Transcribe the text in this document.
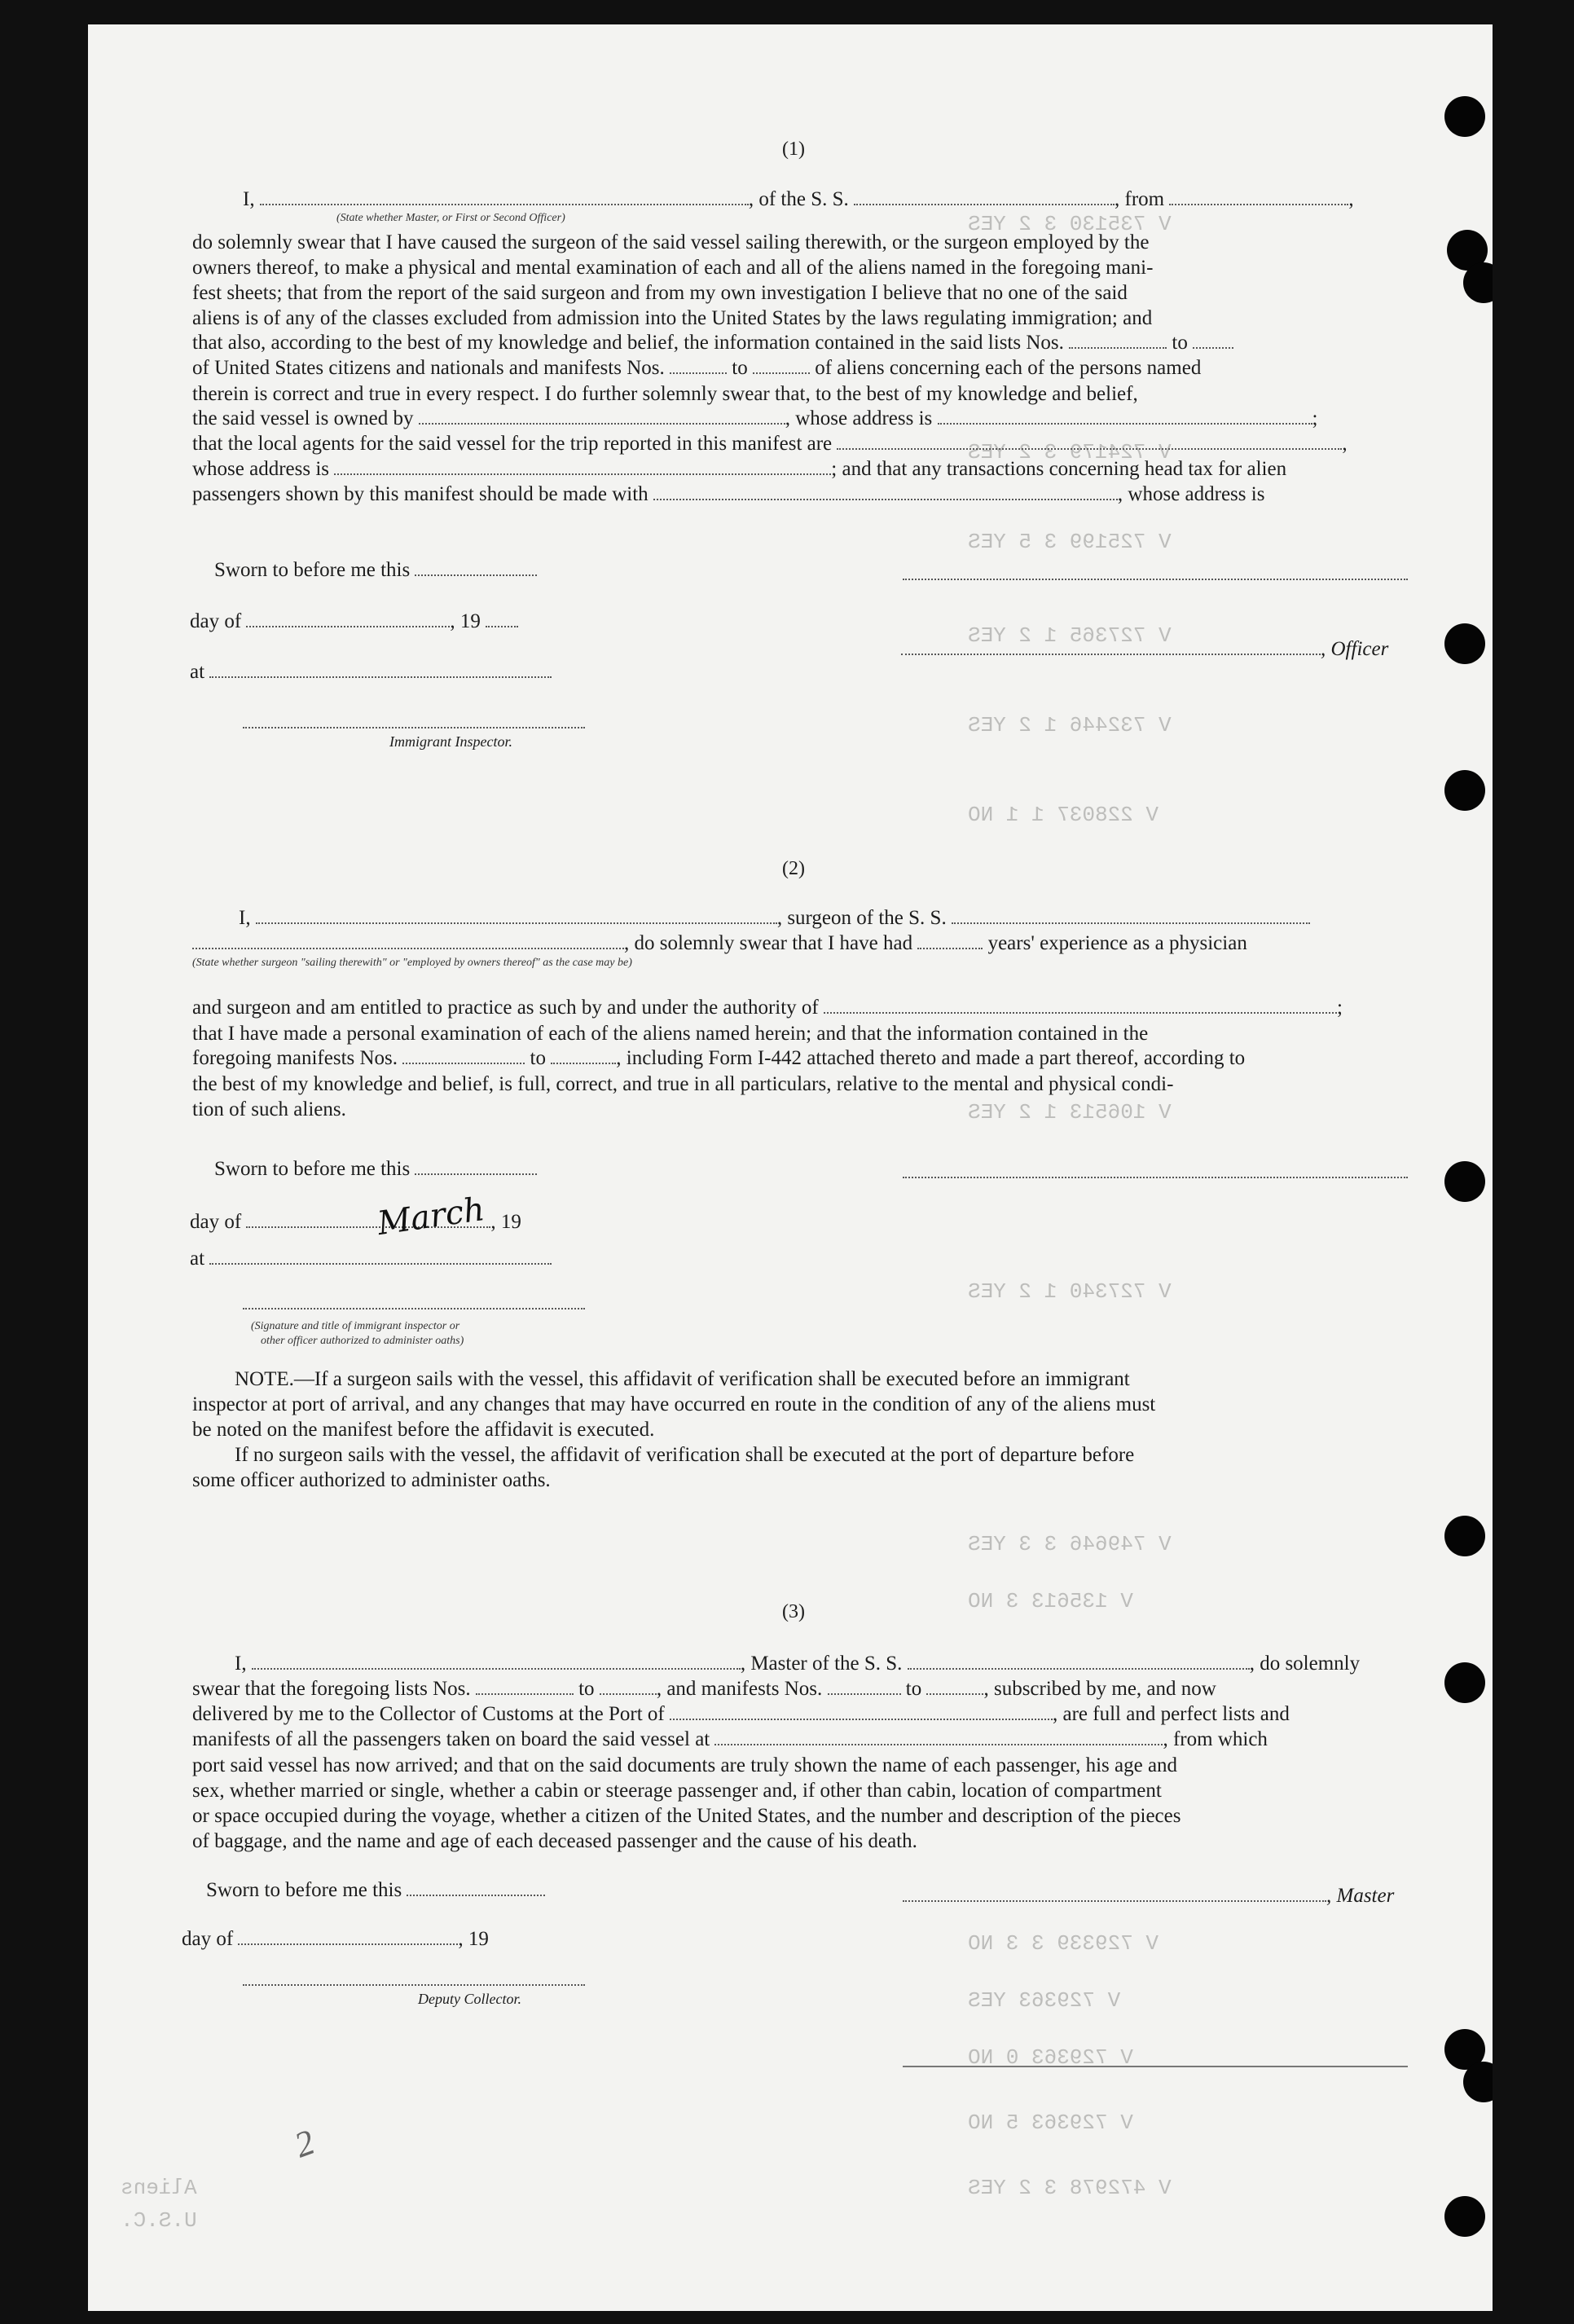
V 735130 3 2 YES
V 724179 3 2 YES
V 725199 3 5 YES
V 727365 1 2 YES
V 732446 1 2 YES
V 228037 1 1 NO
V 106513 1 2 YES
V 727340 1 2 YES
V 749646 3 3 YES
V 135613 3 NO
V 729339 3 3 NO
V 729363 YES
V 729363 0 NO
V 729363 5 NO
V 472978 3 2 YES
Aliens
U.S.C.
(1)
I,	, of the S. S.	, from	,
(State whether Master, or First or Second Officer)
do solemnly swear that I have caused the surgeon of the said vessel sailing therewith, or the surgeon employed by the
owners thereof, to make a physical and mental examination of each and all of the aliens named in the foregoing mani-
fest sheets; that from the report of the said surgeon and from my own investigation I believe that no one of the said
aliens is of any of the classes excluded from admission into the United States by the laws regulating immigration; and
that also, according to the best of my knowledge and belief, the information contained in the said lists Nos.	to
of United States citizens and nationals and manifests Nos.	to	of aliens concerning each of the persons named
therein is correct and true in every respect. I do further solemnly swear that, to the best of my knowledge and belief,
the said vessel is owned by	, whose address is	;
that the local agents for the said vessel for the trip reported in this manifest are	,
whose address is	; and that any transactions concerning head tax for alien
passengers shown by this manifest should be made with	, whose address is
Sworn to before me this
day of	, 19
, Officer
at
Immigrant Inspector.
(2)
I,	, surgeon of the S. S.
, do solemnly swear that I have had	years' experience as a physician
(State whether surgeon "sailing therewith" or "employed by owners thereof" as the case may be)
and surgeon and am entitled to practice as such by and under the authority of	;
that I have made a personal examination of each of the aliens named herein; and that the information contained in the
foregoing manifests Nos.	to	, including Form I-442 attached thereto and made a part thereof, according to
the best of my knowledge and belief, is full, correct, and true in all particulars, relative to the mental and physical condi-
tion of such aliens.
Sworn to before me this
day of	, 19
March
at
(Signature and title of immigrant inspector or
other officer authorized to administer oaths)
NOTE.—If a surgeon sails with the vessel, this affidavit of verification shall be executed before an immigrant
inspector at port of arrival, and any changes that may have occurred en route in the condition of any of the aliens must
be noted on the manifest before the affidavit is executed.
If no surgeon sails with the vessel, the affidavit of verification shall be executed at the port of departure before
some officer authorized to administer oaths.
(3)
I,	, Master of the S. S.	, do solemnly
swear that the foregoing lists Nos.	to	, and manifests Nos.	to	, subscribed by me, and now
delivered by me to the Collector of Customs at the Port of	, are full and perfect lists and
manifests of all the passengers taken on board the said vessel at	, from which
port said vessel has now arrived; and that on the said documents are truly shown the name of each passenger, his age and
sex, whether married or single, whether a cabin or steerage passenger and, if other than cabin, location of compartment
or space occupied during the voyage, whether a citizen of the United States, and the number and description of the pieces
of baggage, and the name and age of each deceased passenger and the cause of his death.
Sworn to before me this	, Master
day of	, 19
Deputy Collector.
2
